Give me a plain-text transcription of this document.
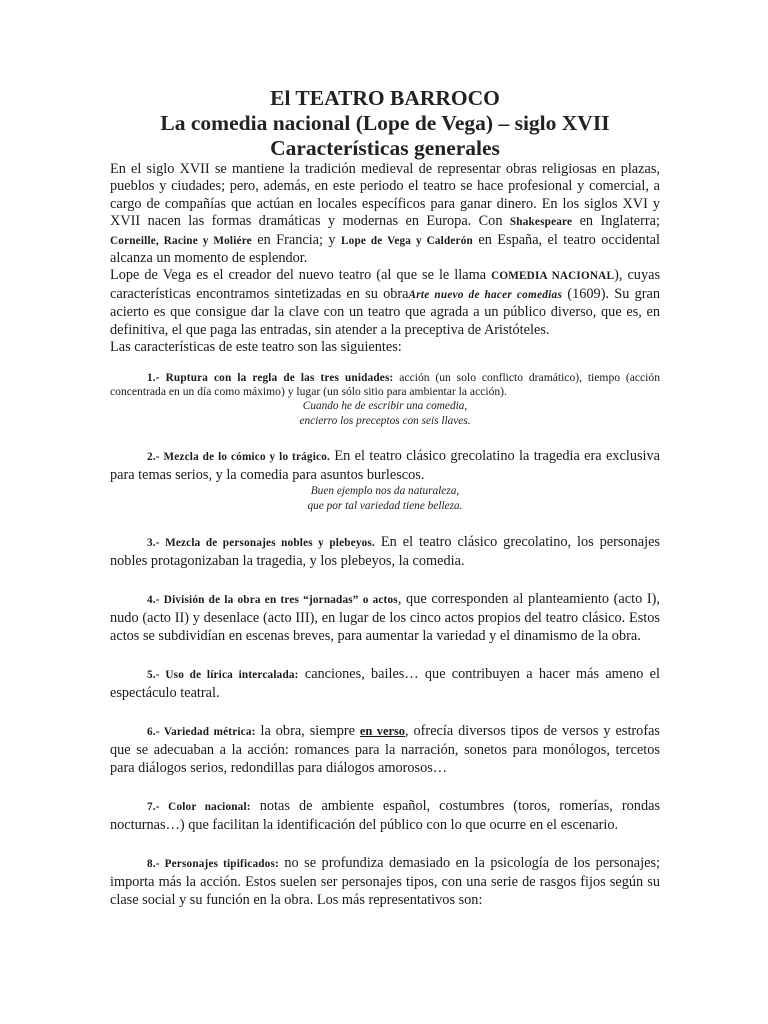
El TEATRO BARROCO
La comedia nacional (Lope de Vega) – siglo XVII
Características generales

En el siglo XVII se mantiene la tradición medieval de representar obras religiosas en plazas, pueblos y ciudades; pero, además, en este periodo el teatro se hace profesional y comercial, a cargo de compañías que actúan en locales específicos para ganar dinero. En los siglos XVI y XVII nacen las formas dramáticas y modernas en Europa. Con Shakespeare en Inglaterra; Corneille, Racine y Moliére en Francia; y Lope de Vega y Calderón en España, el teatro occidental alcanza un momento de esplendor.

Lope de Vega es el creador del nuevo teatro (al que se le llama COMEDIA NACIONAL), cuyas características encontramos sintetizadas en su obraArte nuevo de hacer comedias (1609). Su gran acierto es que consigue dar la clave con un teatro que agrada a un público diverso, que es, en definitiva, el que paga las entradas, sin atender a la preceptiva de Aristóteles.

Las características de este teatro son las siguientes:

1.- Ruptura con la regla de las tres unidades: acción (un solo conflicto dramático), tiempo (acción concentrada en un día como máximo) y lugar (un sólo sitio para ambientar la acción).
Cuando he de escribir una comedia,
encierro los preceptos con seis llaves.
2.- Mezcla de lo cómico y lo trágico. En el teatro clásico grecolatino la tragedia era exclusiva para temas serios, y la comedia para asuntos burlescos.
Buen ejemplo nos da naturaleza,
que por tal variedad tiene belleza.
3.- Mezcla de personajes nobles y plebeyos. En el teatro clásico grecolatino, los personajes nobles protagonizaban la tragedia, y los plebeyos, la comedia.
4.- División de la obra en tres “jornadas” o actos, que corresponden al planteamiento (acto I), nudo (acto II) y desenlace (acto III), en lugar de los cinco actos propios del teatro clásico. Estos actos se subdividían en escenas breves, para aumentar la variedad y el dinamismo de la obra.
5.- Uso de lírica intercalada: canciones, bailes… que contribuyen a hacer más ameno el espectáculo teatral.
6.- Variedad métrica: la obra, siempre en verso, ofrecía diversos tipos de versos y estrofas que se adecuaban a la acción: romances para la narración, sonetos para monólogos, tercetos para diálogos serios, redondillas para diálogos amorosos…
7.- Color nacional: notas de ambiente español, costumbres (toros, romerías, rondas nocturnas…) que facilitan la identificación del público con lo que ocurre en el escenario.
8.- Personajes tipificados: no se profundiza demasiado en la psicología de los personajes; importa más la acción. Estos suelen ser personajes tipos, con una serie de rasgos fijos según su clase social y su función en la obra. Los más representativos son:
